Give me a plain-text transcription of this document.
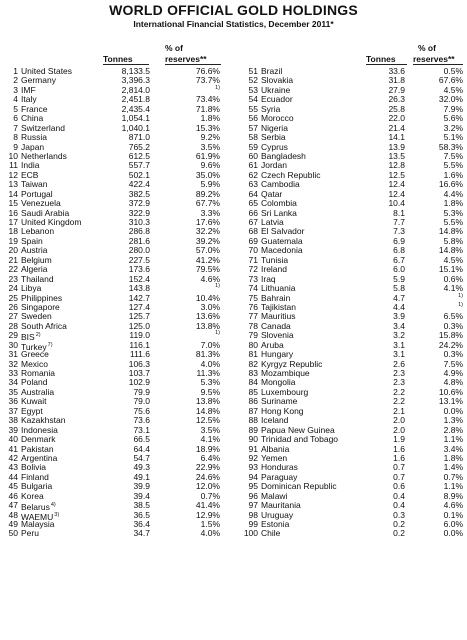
WORLD OFFICIAL GOLD HOLDINGS
International Financial Statistics, December 2011*
Tonnes
% of
reserves**	Tonnes
% of
reserves**
1 United States	8,133.5	76.6%
2 Germany	3,396.3	73.7%
3 IMF	2,814.0	1)
4 Italy	2,451.8	73.4%
5 France	2,435.4	71.8%
6 China	1,054.1	1.8%
7 Switzerland	1,040.1	15.3%
8 Russia	871.0	9.2%
9 Japan	765.2	3.5%
10 Netherlands	612.5	61.9%
11 India	557.7	9.6%
12 ECB	502.1	35.0%
13 Taiwan	422.4	5.9%
14 Portugal	382.5	89.2%
15 Venezuela	372.9	67.7%
16 Saudi Arabia	322.9	3.3%
17 United Kingdom	310.3	17.6%
18 Lebanon	286.8	32.2%
19 Spain	281.6	39.2%
20 Austria	280.0	57.0%
21 Belgium	227.5	41.2%
22 Algeria	173.6	79.5%
23 Thailand	152.4	4.6%
24 Libya	143.8	1)
25 Philippines	142.7	10.4%
26 Singapore	127.4	3.0%
27 Sweden	125.7	13.6%
28 South Africa	125.0	13.8%
29 BIS$^{2)}$	119.0	1)
30 Turkey$^{7)}$	116.1	7.0%
31 Greece	111.6	81.3%
32 Mexico	106.3	4.0%
33 Romania	103.7	11.3%
34 Poland	102.9	5.3%
35 Australia	79.9	9.5%
36 Kuwait	79.0	13.8%
37 Egypt	75.6	14.8%
38 Kazakhstan	73.6	12.5%
39 Indonesia	73.1	3.5%
40 Denmark	66.5	4.1%
41 Pakistan	64.4	18.9%
42 Argentina	54.7	6.4%
43 Bolivia	49.3	22.9%
44 Finland	49.1	24.6%
45 Bulgaria	39.9	12.0%
46 Korea	39.4	0.7%
47 Belarus$^{4)}$	38.5	41.4%
48 WAEMU$^{3)}$	36.5	12.9%
49 Malaysia	36.4	1.5%
50 Peru	34.7	4.0%
51 Brazil	33.6	0.5%
52 Slovakia	31.8	67.6%
53 Ukraine	27.9	4.5%
54 Ecuador	26.3	32.0%
55 Syria	25.8	7.9%
56 Morocco	22.0	5.6%
57 Nigeria	21.4	3.2%
58 Serbia	14.1	5.1%
59 Cyprus	13.9	58.3%
60 Bangladesh	13.5	7.5%
61 Jordan	12.8	5.5%
62 Czech Republic	12.5	1.6%
63 Cambodia	12.4	16.6%
64 Qatar	12.4	4.4%
65 Colombia	10.4	1.8%
66 Sri Lanka	8.1	5.3%
67 Latvia	7.7	5.5%
68 El Salvador	7.3	14.8%
69 Guatemala	6.9	5.8%
70 Macedonia	6.8	14.8%
71 Tunisia	6.7	4.5%
72 Ireland	6.0	15.1%
73 Iraq	5.9	0.6%
74 Lithuania	5.8	4.1%
75 Bahrain	4.7	1)
76 Tajikistan	4.4	1)
77 Mauritius	3.9	6.5%
78 Canada	3.4	0.3%
79 Slovenia	3.2	15.8%
80 Aruba	3.1	24.2%
81 Hungary	3.1	0.3%
82 Kyrgyz Republic	2.6	7.5%
83 Mozambique	2.3	4.9%
84 Mongolia	2.3	4.8%
85 Luxembourg	2.2	10.6%
86 Suriname	2.2	13.1%
87 Hong Kong	2.1	0.0%
88 Iceland	2.0	1.3%
89 Papua New Guinea	2.0	2.8%
90 Trinidad and Tobago	1.9	1.1%
91 Albania	1.6	3.4%
92 Yemen	1.6	1.8%
93 Honduras	0.7	1.4%
94 Paraguay	0.7	0.7%
95 Dominican Republic	0.6	1.1%
96 Malawi	0.4	8.9%
97 Mauritania	0.4	4.6%
98 Uruguay	0.3	0.1%
99 Estonia	0.2	6.0%
100 Chile	0.2	0.0%
